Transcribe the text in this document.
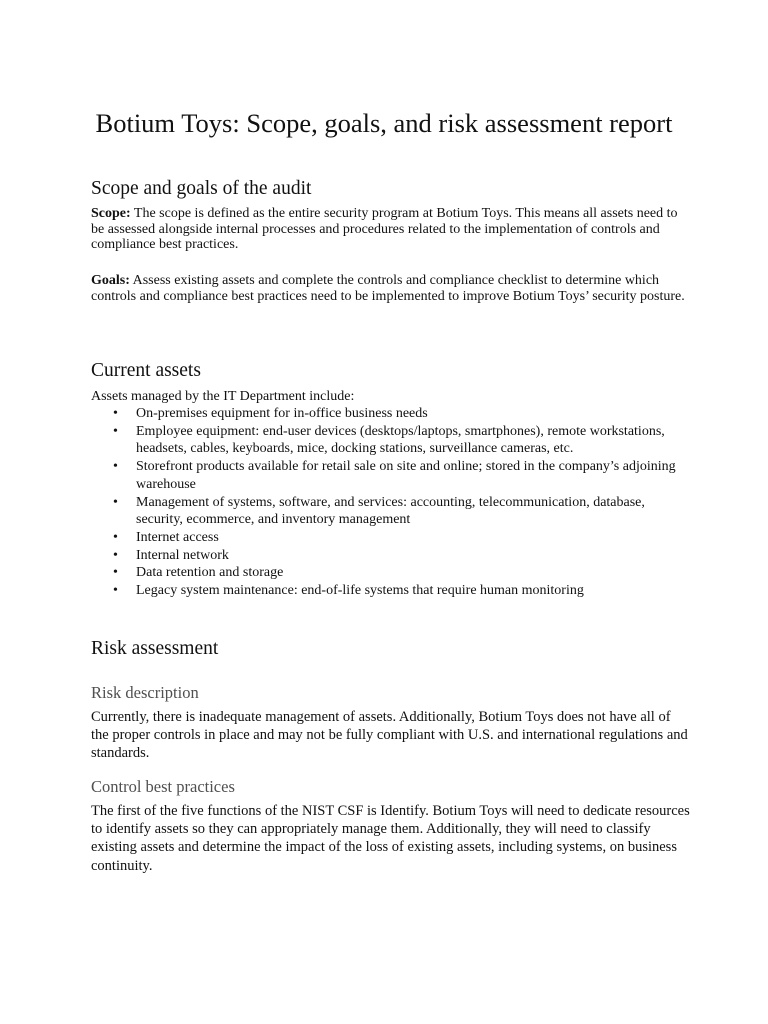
Botium Toys: Scope, goals, and risk assessment report
Scope and goals of the audit

Scope: The scope is defined as the entire security program at Botium Toys. This means all assets need to be assessed alongside internal processes and procedures related to the implementation of controls and compliance best practices.

Goals: Assess existing assets and complete the controls and compliance checklist to determine which controls and compliance best practices need to be implemented to improve Botium Toys’ security posture.

Current assets

Assets managed by the IT Department include:

• On-premises equipment for in-office business needs
• Employee equipment: end-user devices (desktops/laptops, smartphones), remote workstations, headsets, cables, keyboards, mice, docking stations, surveillance cameras, etc.
• Storefront products available for retail sale on site and online; stored in the company’s adjoining warehouse
• Management of systems, software, and services: accounting, telecommunication, database, security, ecommerce, and inventory management
• Internet access
• Internal network
• Data retention and storage
• Legacy system maintenance: end-of-life systems that require human monitoring
Risk assessment
Risk description

Currently, there is inadequate management of assets. Additionally, Botium Toys does not have all of the proper controls in place and may not be fully compliant with U.S. and international regulations and standards.

Control best practices

The first of the five functions of the NIST CSF is Identify. Botium Toys will need to dedicate resources to identify assets so they can appropriately manage them. Additionally, they will need to classify existing assets and determine the impact of the loss of existing assets, including systems, on business continuity.
